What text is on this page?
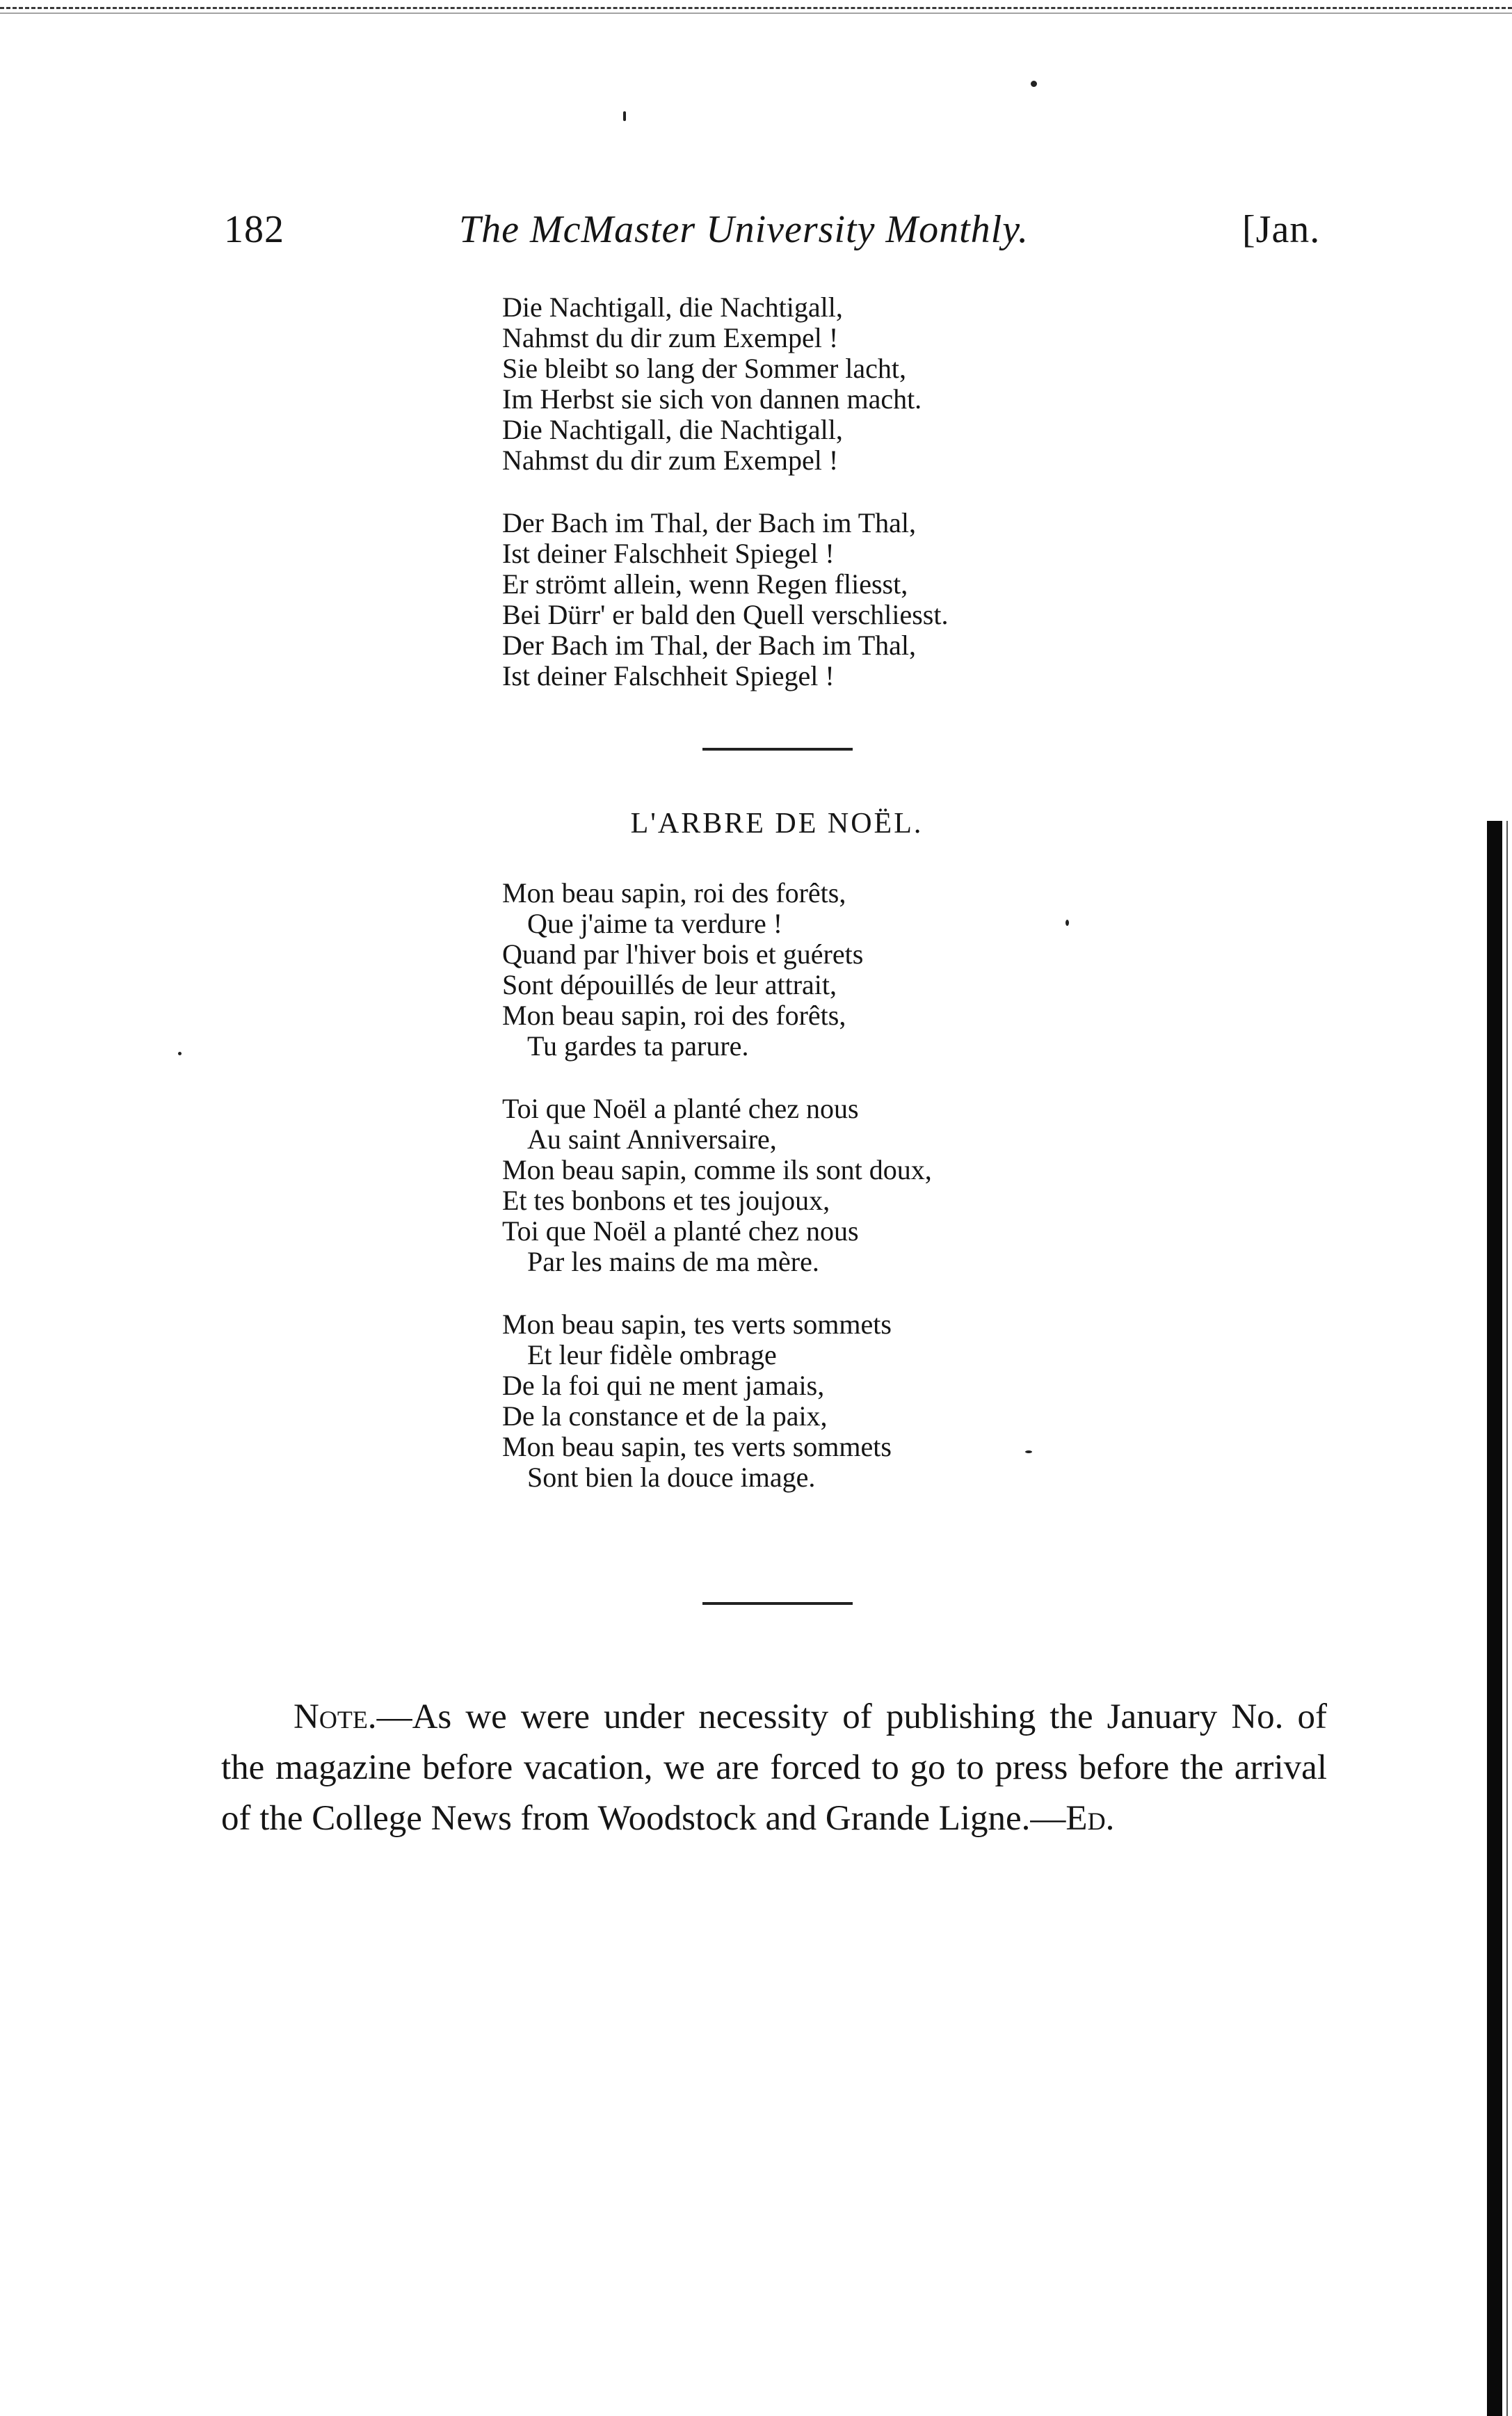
182	The McMaster University Monthly.	[Jan.
Die Nachtigall, die Nachtigall,
Nahmst du dir zum Exempel !
Sie bleibt so lang der Sommer lacht,
Im Herbst sie sich von dannen macht.
Die Nachtigall, die Nachtigall,
Nahmst du dir zum Exempel !
Der Bach im Thal, der Bach im Thal,
Ist deiner Falschheit Spiegel !
Er strömt allein, wenn Regen fliesst,
Bei Dürr' er bald den Quell verschliesst.
Der Bach im Thal, der Bach im Thal,
Ist deiner Falschheit Spiegel !
L'ARBRE DE NOËL.
Mon beau sapin, roi des forêts,
Que j'aime ta verdure !
Quand par l'hiver bois et guérets
Sont dépouillés de leur attrait,
Mon beau sapin, roi des forêts,
Tu gardes ta parure.
Toi que Noël a planté chez nous
Au saint Anniversaire,
Mon beau sapin, comme ils sont doux,
Et tes bonbons et tes joujoux,
Toi que Noël a planté chez nous
Par les mains de ma mère.
Mon beau sapin, tes verts sommets
Et leur fidèle ombrage
De la foi qui ne ment jamais,
De la constance et de la paix,
Mon beau sapin, tes verts sommets
Sont bien la douce image.

Note.—As we were under necessity of publishing the January No. of the magazine before vacation, we are forced to go to press before the arrival of the College News from Woodstock and Grande Ligne.—Ed.
